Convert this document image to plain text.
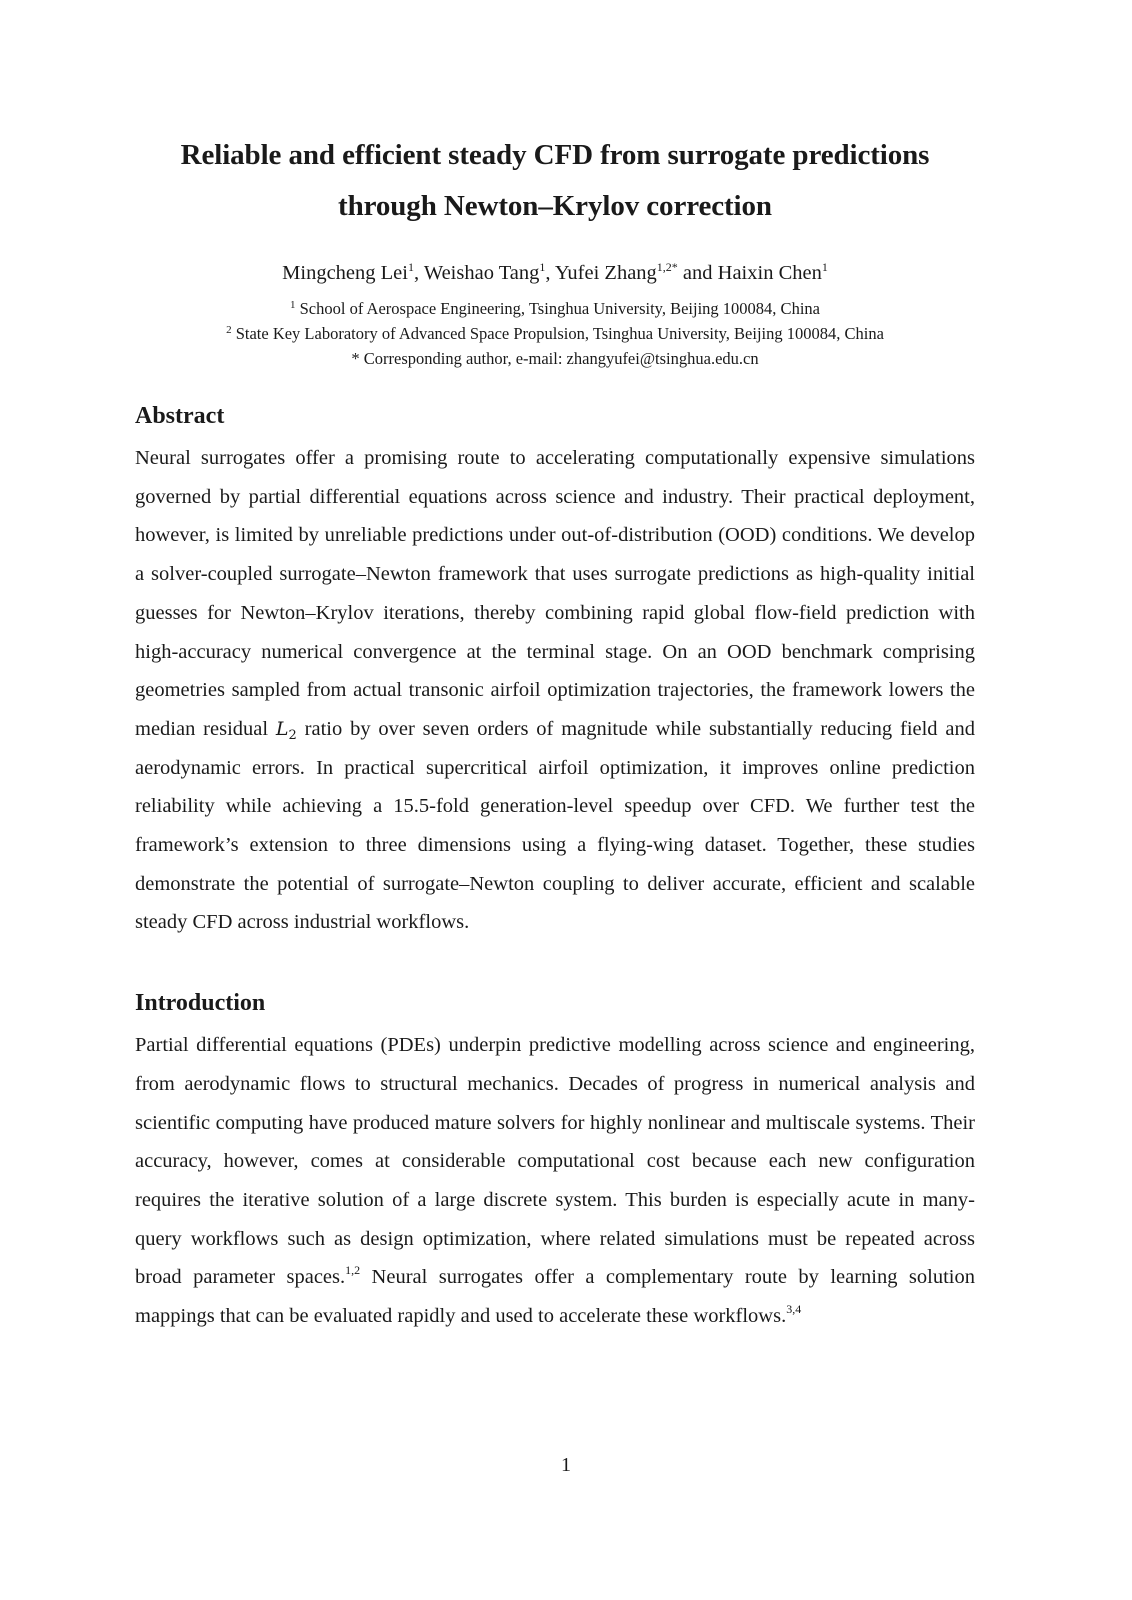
Reliable and efficient steady CFD from surrogate predictions
through Newton–Krylov correction
Mingcheng Lei$^1$, Weishao Tang$^1$, Yufei Zhang$^{1,2*}$ and Haixin Chen$^1$
$^1$ School of Aerospace Engineering, Tsinghua University, Beijing 100084, China
$^2$ State Key Laboratory of Advanced Space Propulsion, Tsinghua University, Beijing 100084, China
* Corresponding author, e-mail: zhangyufei@tsinghua.edu.cn
Abstract

Neural surrogates offer a promising route to accelerating computationally expensive simulations governed by partial differential equations across science and industry. Their practical deployment, however, is limited by unreliable predictions under out-of-distribution (OOD) conditions. We develop a solver-coupled surrogate–Newton framework that uses surrogate predictions as high-quality initial guesses for Newton–Krylov iterations, thereby combining rapid global flow-field prediction with high-accuracy numerical convergence at the terminal stage. On an OOD benchmark comprising geometries sampled from actual transonic airfoil optimization trajectories, the framework lowers the median residual $L_2$ ratio by over seven orders of magnitude while substantially reducing field and aerodynamic errors. In practical supercritical airfoil optimization, it improves online prediction reliability while achieving a 15.5-fold generation-level speedup over CFD. We further test the framework’s extension to three dimensions using a flying-wing dataset. Together, these studies demonstrate the potential of surrogate–Newton coupling to deliver accurate, efficient and scalable steady CFD across industrial workflows.

Introduction

Partial differential equations (PDEs) underpin predictive modelling across science and engineering, from aerodynamic flows to structural mechanics. Decades of progress in numerical analysis and scientific computing have produced mature solvers for highly nonlinear and multiscale systems. Their accuracy, however, comes at considerable computational cost because each new configuration requires the iterative solution of a large discrete system. This burden is especially acute in many-query workflows such as design optimization, where related simulations must be repeated across broad parameter spaces.$^{1,2}$ Neural surrogates offer a complementary route by learning solution mappings that can be evaluated rapidly and used to accelerate these workflows.$^{3,4}$

1
